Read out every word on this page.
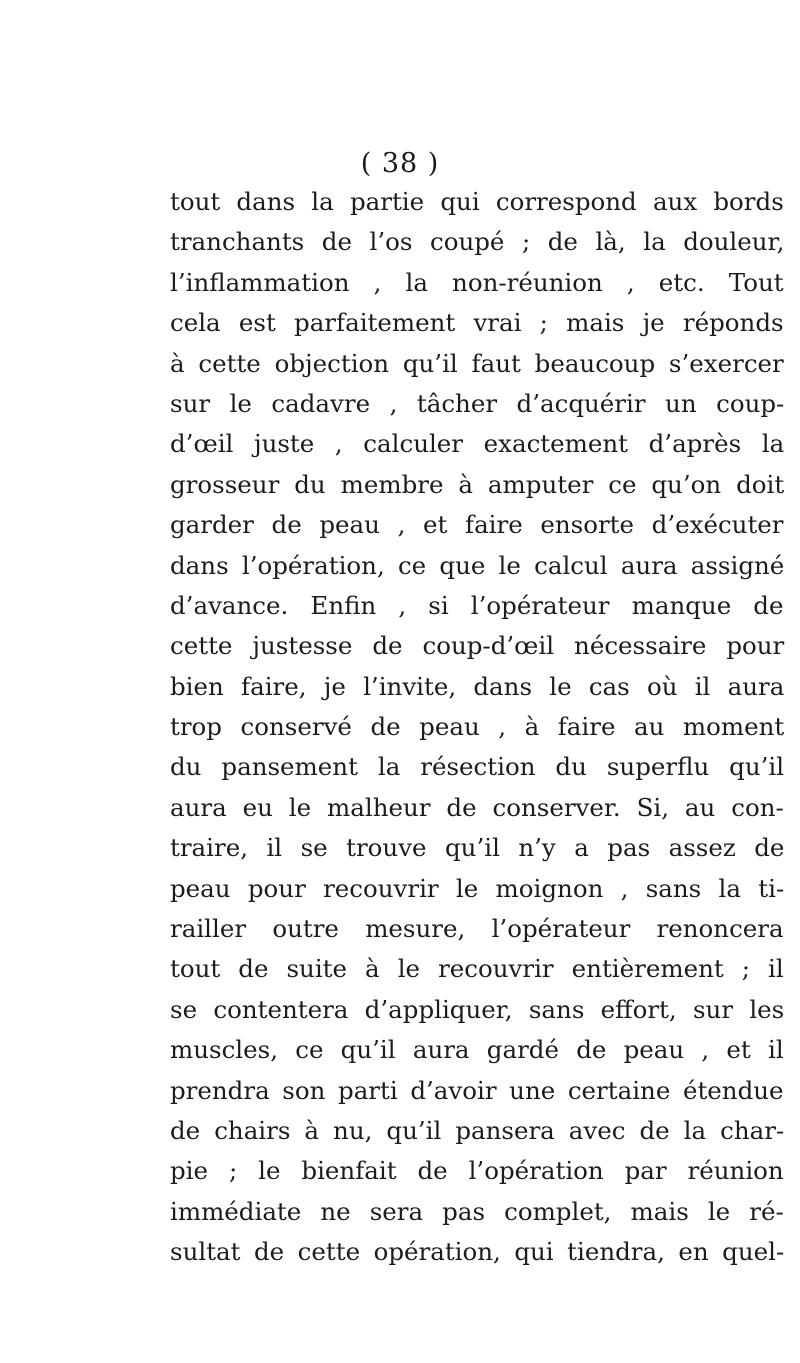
( 38 )
tout dans la partie qui correspond aux bords
tranchants de l’os coupé ; de là, la douleur,
l’inflammation , la non-réunion , etc. Tout
cela est parfaitement vrai ; mais je réponds
à cette objection qu’il faut beaucoup s’exercer
sur le cadavre , tâcher d’acquérir un coup-
d’œil juste , calculer exactement d’après la
grosseur du membre à amputer ce qu’on doit
garder de peau , et faire ensorte d’exécuter
dans l’opération, ce que le calcul aura assigné
d’avance. Enfin , si l’opérateur manque de
cette justesse de coup-d’œil nécessaire pour
bien faire, je l’invite, dans le cas où il aura
trop conservé de peau , à faire au moment
du pansement la résection du superflu qu’il
aura eu le malheur de conserver. Si, au con-
traire, il se trouve qu’il n’y a pas assez de
peau pour recouvrir le moignon , sans la ti-
railler outre mesure, l’opérateur renoncera
tout de suite à le recouvrir entièrement ; il
se contentera d’appliquer, sans effort, sur les
muscles, ce qu’il aura gardé de peau , et il
prendra son parti d’avoir une certaine étendue
de chairs à nu, qu’il pansera avec de la char-
pie ; le bienfait de l’opération par réunion
immédiate ne sera pas complet, mais le ré-
sultat de cette opération, qui tiendra, en quel-
